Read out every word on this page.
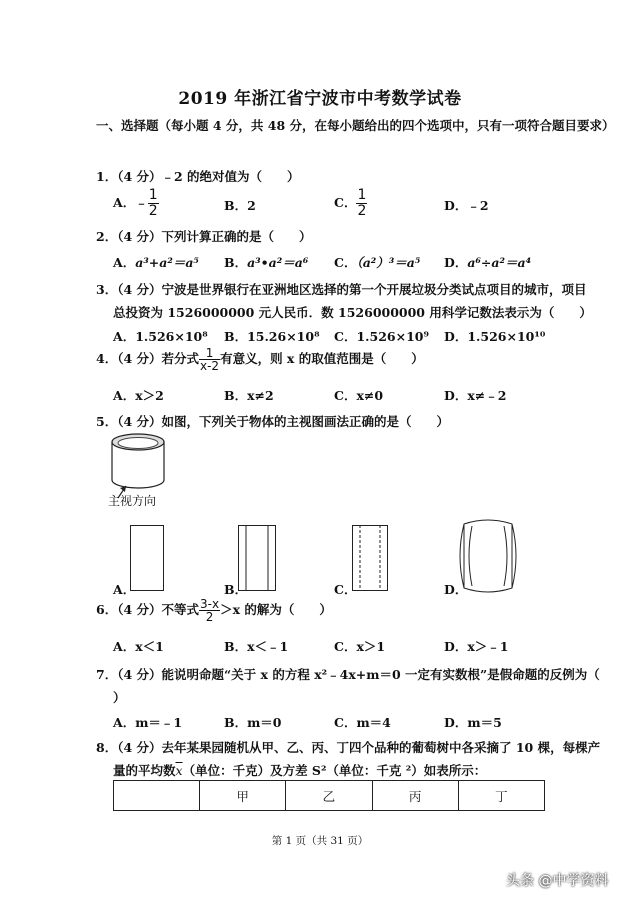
2019 年浙江省宁波市中考数学试卷
一、选择题（每小题 4 分，共 48 分，在每小题给出的四个选项中，只有一项符合题目要求）
1．（4 分）﹣2 的绝对值为（　　）
A．﹣ $\frac{1}{2}$	B．2	C． $\frac{1}{2}$	D．﹣2
2．（4 分）下列计算正确的是（　　）
A．a³+a²＝a⁵ B．a³•a²＝a⁶ C．（a²）³＝a⁵ D．a⁶÷a²＝a⁴
3．（4 分）宁波是世界银行在亚洲地区选择的第一个开展垃圾分类试点项目的城市，项目
总投资为 1526000000 元人民币．数 1526000000 用科学记数法表示为（　　）
A．1.526×10⁸ B．15.26×10⁸ C．1.526×10⁹ D．1.526×10¹⁰
4．（4 分）若分式 $\frac{1}{x-2}$ 有意义，则 x 的取值范围是（　　）
A．x＞2	B．x≠2	C．x≠0	D．x≠﹣2
5．（4 分）如图，下列关于物体的主视图画法正确的是（　　）
主视方向
A．	B．	C．	D．
6．（4 分）不等式 $\frac{3-x}{2} >x$ 的解为（　　）
A．x＜1	B．x＜﹣1	C．x＞1	D．x＞﹣1
7．（4 分）能说明命题“关于 x 的方程 x²﹣4x+m＝0 一定有实数根”是假命题的反例为（
）
A．m＝﹣1	B．m＝0	C．m＝4	D．m＝5
8．（4 分）去年某果园随机从甲、乙、丙、丁四个品种的葡萄树中各采摘了 10 棵，每棵产
量的平均数$\overline{x}$（单位：千克）及方差 S²（单位：千克 ²）如表所示：
	甲	乙	丙	丁
第 1 页（共 31 页）
头条 @中学资料
